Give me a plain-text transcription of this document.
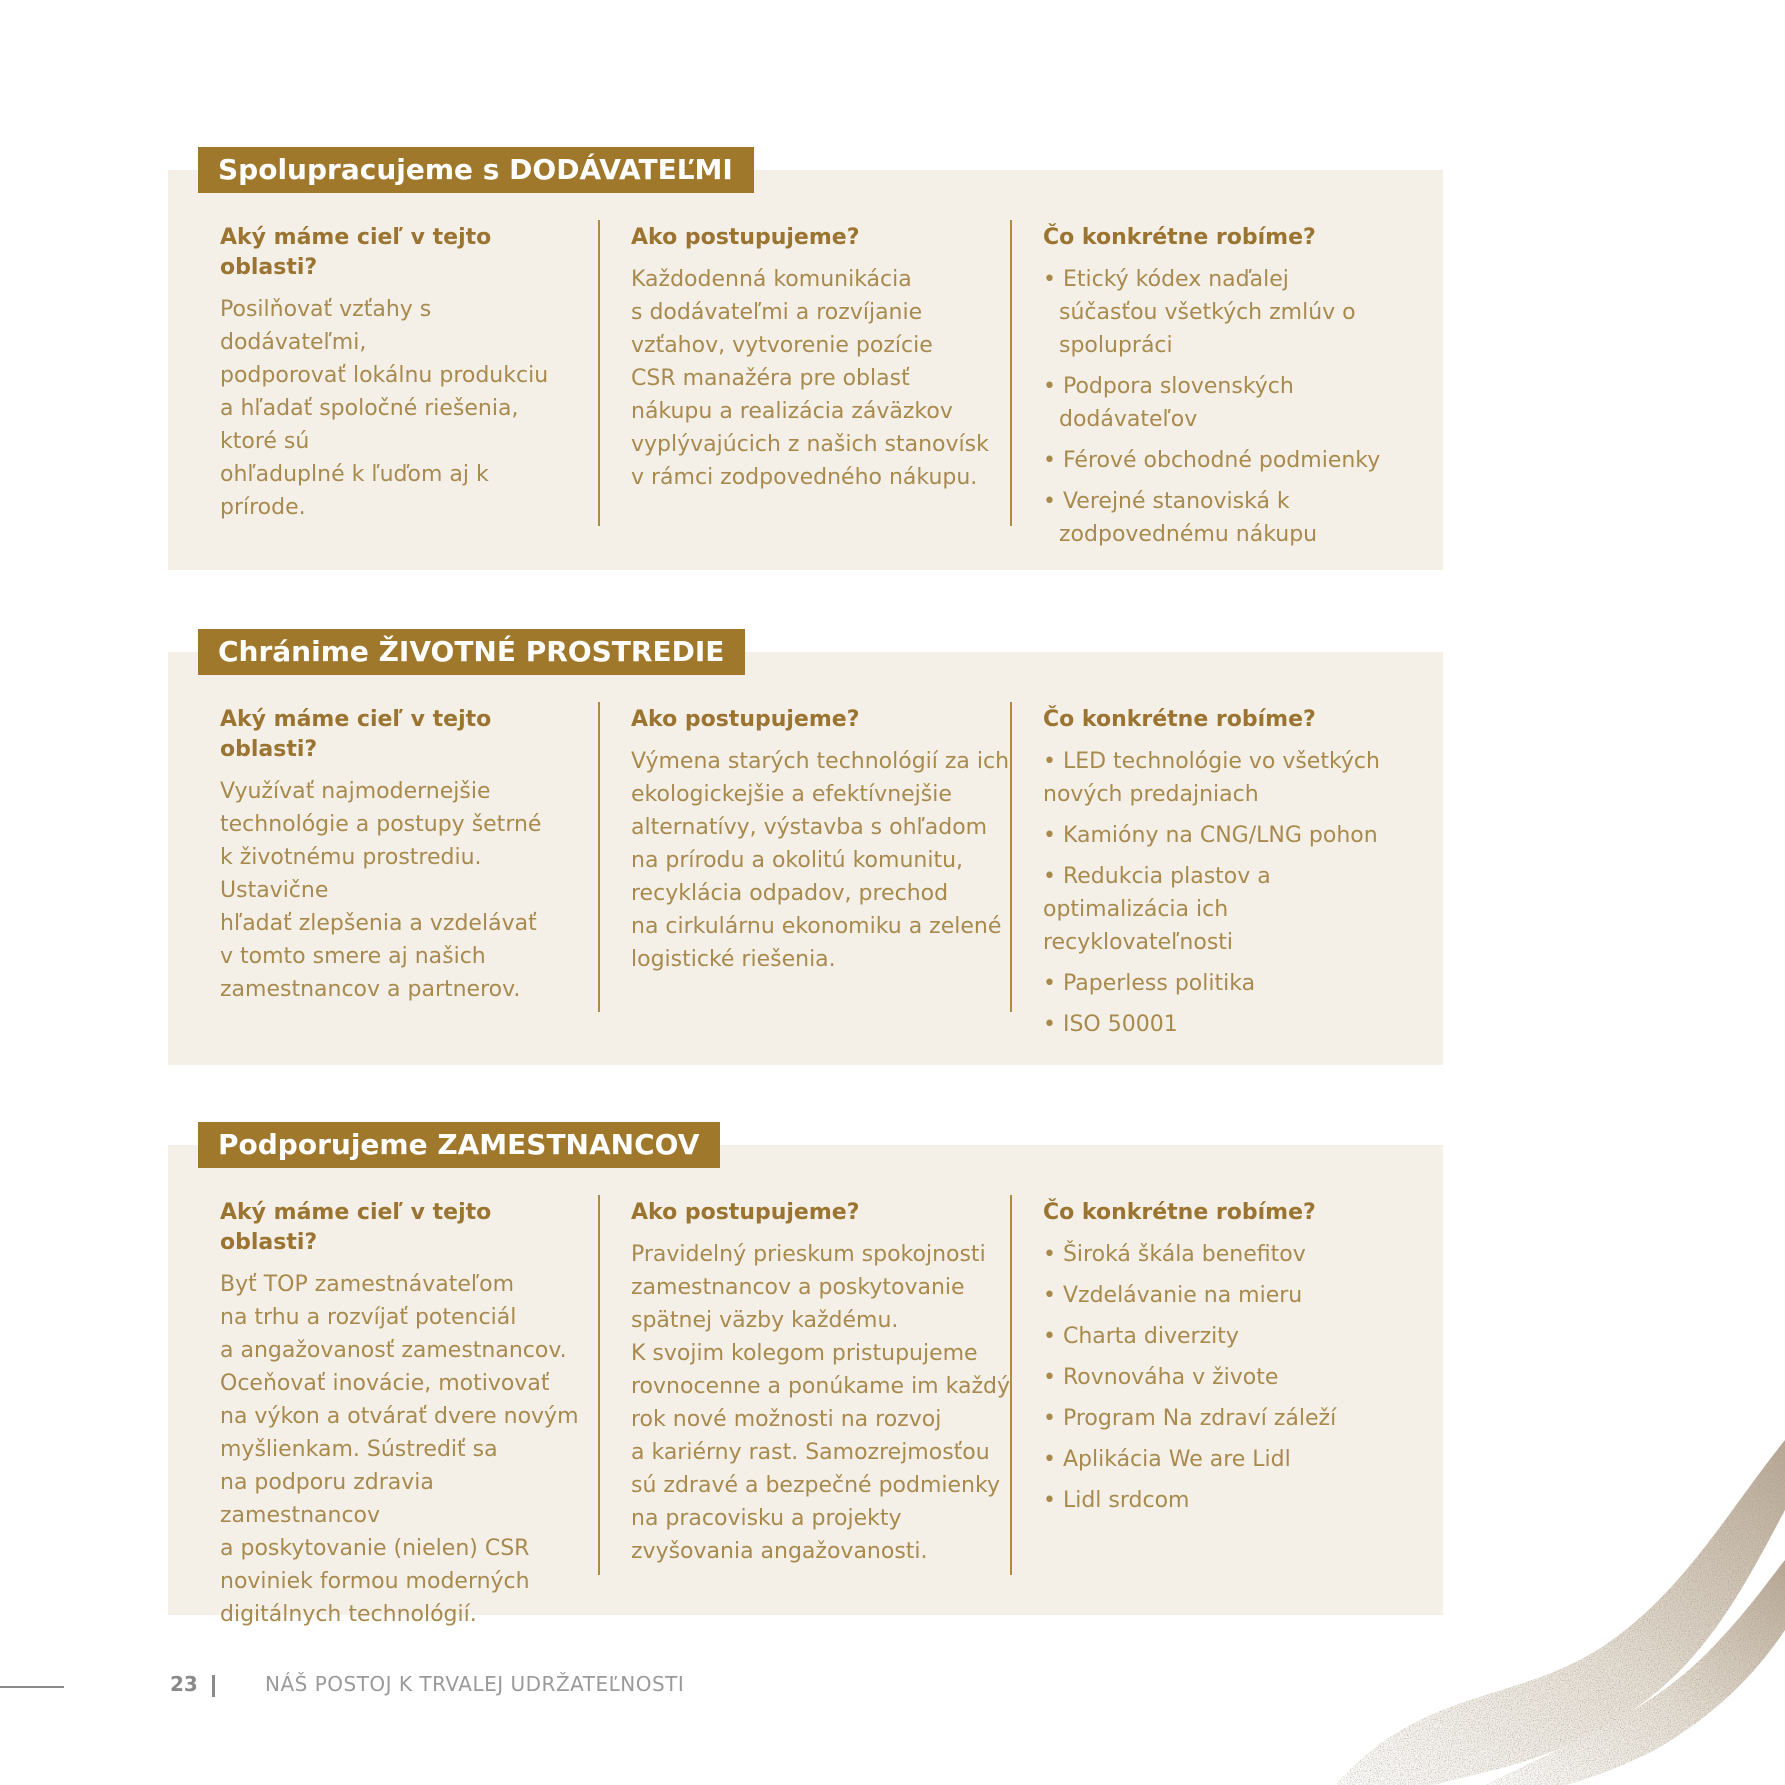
Aký máme cieľ v tejto oblasti?

Posilňovať vzťahy s dodávateľmi,
podporovať lokálnu produkciu
a hľadať spoločné riešenia, ktoré sú
ohľaduplné k ľuďom aj k prírode.

Ako postupujeme?

Každodenná komunikácia
s dodávateľmi a rozvíjanie
vzťahov, vytvorenie pozície
CSR manažéra pre oblasť
nákupu a realizácia záväzkov
vyplývajúcich z našich stanovísk
v rámci zodpovedného nákupu.

Čo konkrétne robíme?
• Etický kódex naďalej súčasťou všetkých zmlúv o spolupráci
• Podpora slovenských dodávateľov
• Férové obchodné podmienky
• Verejné stanoviská k zodpovednému nákupu
Spolupracujeme s DODÁVATEĽMI
Aký máme cieľ v tejto oblasti?

Využívať najmodernejšie
technológie a postupy šetrné
k životnému prostrediu. Ustavične
hľadať zlepšenia a vzdelávať
v tomto smere aj našich
zamestnancov a partnerov.

Ako postupujeme?

Výmena starých technológií za ich
ekologickejšie a efektívnejšie
alternatívy, výstavba s ohľadom
na prírodu a okolitú komunitu,
recyklácia odpadov, prechod
na cirkulárnu ekonomiku a zelené
logistické riešenia.

Čo konkrétne robíme?
• LED technológie vo všetkých nových predajniach
• Kamióny na CNG/LNG pohon
• Redukcia plastov a optimalizácia ich recyklovateľnosti
• Paperless politika
• ISO 50001
Chránime ŽIVOTNÉ PROSTREDIE
Aký máme cieľ v tejto oblasti?

Byť TOP zamestnávateľom
na trhu a rozvíjať potenciál
a angažovanosť zamestnancov.
Oceňovať inovácie, motivovať
na výkon a otvárať dvere novým
myšlienkam. Sústrediť sa
na podporu zdravia zamestnancov
a poskytovanie (nielen) CSR
noviniek formou moderných
digitálnych technológií.

Ako postupujeme?

Pravidelný prieskum spokojnosti
zamestnancov a poskytovanie
spätnej väzby každému.
K svojim kolegom pristupujeme
rovnocenne a ponúkame im každý
rok nové možnosti na rozvoj
a kariérny rast. Samozrejmosťou
sú zdravé a bezpečné podmienky
na pracovisku a projekty
zvyšovania angažovanosti.

Čo konkrétne robíme?
• Široká škála benefitov
• Vzdelávanie na mieru
• Charta diverzity
• Rovnováha v živote
• Program Na zdraví záleží
• Aplikácia We are Lidl
• Lidl srdcom
Podporujeme ZAMESTNANCOV
23	NÁŠ POSTOJ K TRVALEJ UDRŽATEĽNOSTI
